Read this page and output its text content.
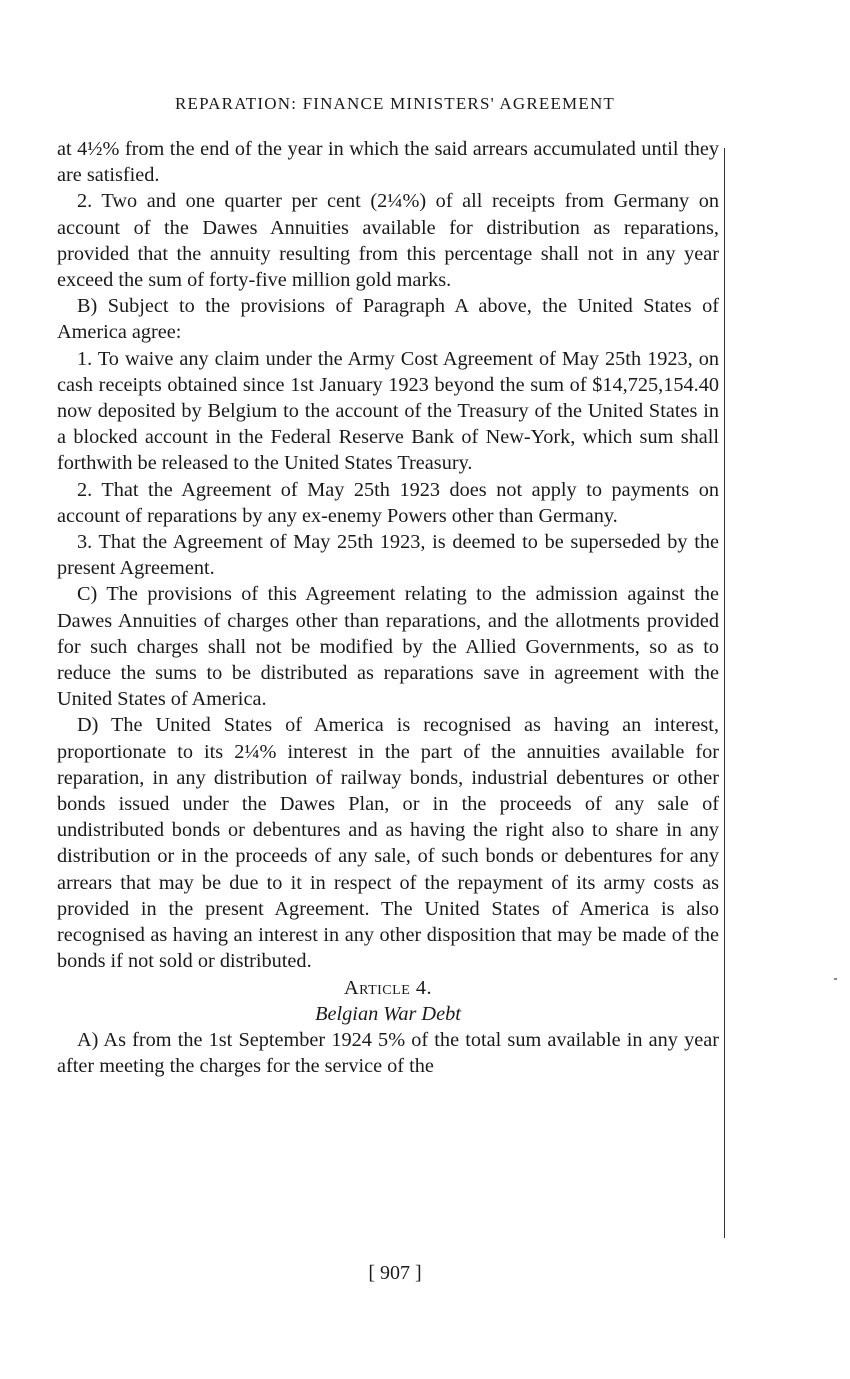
REPARATION: FINANCE MINISTERS' AGREEMENT

at 4½% from the end of the year in which the said arrears accumulated until they are satisfied.

2. Two and one quarter per cent (2¼%) of all receipts from Germany on account of the Dawes Annuities available for distribution as reparations, provided that the annuity resulting from this percentage shall not in any year exceed the sum of forty-five million gold marks.

B) Subject to the provisions of Paragraph A above, the United States of America agree:

1. To waive any claim under the Army Cost Agreement of May 25th 1923, on cash receipts obtained since 1st January 1923 beyond the sum of $14,725,154.40 now deposited by Belgium to the account of the Treasury of the United States in a blocked account in the Federal Reserve Bank of New-York, which sum shall forthwith be released to the United States Treasury.

2. That the Agreement of May 25th 1923 does not apply to payments on account of reparations by any ex-enemy Powers other than Germany.

3. That the Agreement of May 25th 1923, is deemed to be superseded by the present Agreement.

C) The provisions of this Agreement relating to the admission against the Dawes Annuities of charges other than reparations, and the allotments provided for such charges shall not be modified by the Allied Governments, so as to reduce the sums to be distributed as reparations save in agreement with the United States of America.

D) The United States of America is recognised as having an interest, proportionate to its 2¼% interest in the part of the annuities available for reparation, in any distribution of railway bonds, industrial debentures or other bonds issued under the Dawes Plan, or in the proceeds of any sale of undistributed bonds or debentures and as having the right also to share in any distribution or in the proceeds of any sale, of such bonds or debentures for any arrears that may be due to it in respect of the repayment of its army costs as provided in the present Agreement. The United States of America is also recognised as having an interest in any other disposition that may be made of the bonds if not sold or distributed.

Article 4.

Belgian War Debt

A) As from the 1st September 1924 5% of the total sum available in any year after meeting the charges for the service of the

[ 907 ]
